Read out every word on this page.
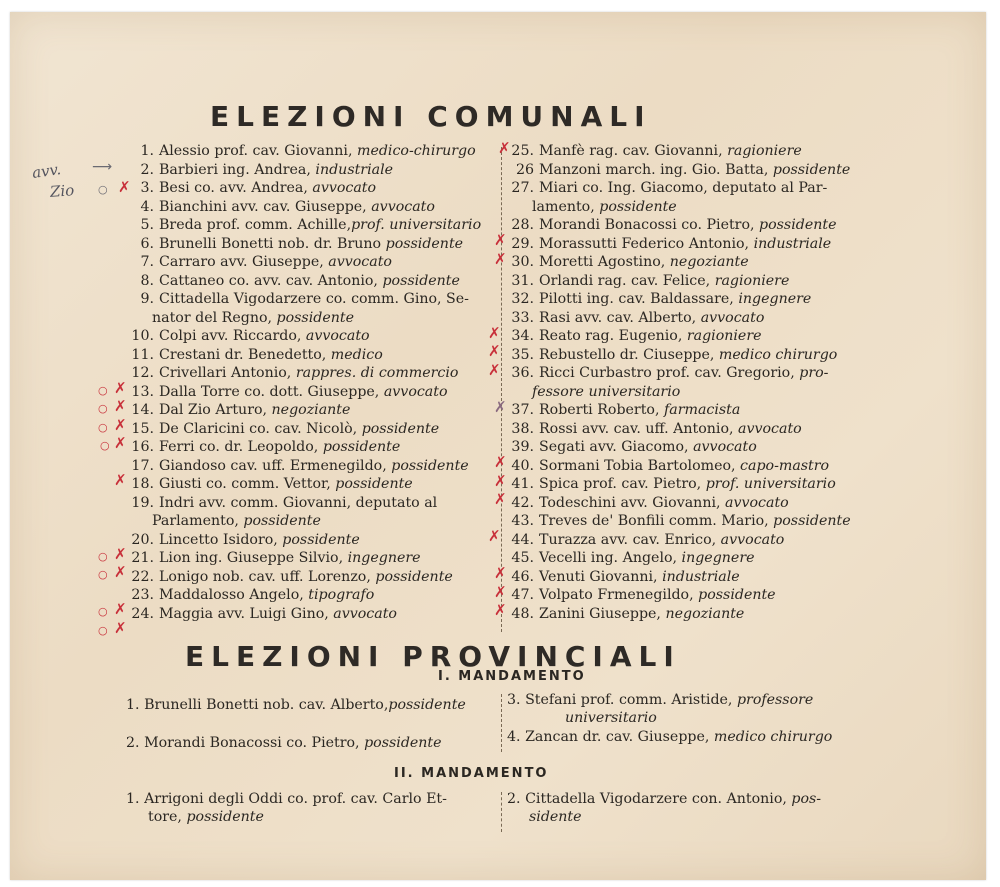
ELEZIONI COMUNALI
1. Alessio prof. cav. Giovanni, medico-chirurgo
2. Barbieri ing. Andrea, industriale
3. Besi co. avv. Andrea, avvocato
4. Bianchini avv. cav. Giuseppe, avvocato
5. Breda prof. comm. Achille,prof. universitario
6. Brunelli Bonetti nob. dr. Bruno possidente
7. Carraro avv. Giuseppe, avvocato
8. Cattaneo co. avv. cav. Antonio, possidente
9. Cittadella Vigodarzere co. comm. Gino, Se-
nator del Regno, possidente
10. Colpi avv. Riccardo, avvocato
11. Crestani dr. Benedetto, medico
12. Crivellari Antonio, rappres. di commercio
13. Dalla Torre co. dott. Giuseppe, avvocato
14. Dal Zio Arturo, negoziante
15. De Claricini co. cav. Nicolò, possidente
16. Ferri co. dr. Leopoldo, possidente
17. Giandoso cav. uff. Ermenegildo, possidente
18. Giusti co. comm. Vettor, possidente
19. Indri avv. comm. Giovanni, deputato al
Parlamento, possidente
20. Lincetto Isidoro, possidente
21. Lion ing. Giuseppe Silvio, ingegnere
22. Lonigo nob. cav. uff. Lorenzo, possidente
23. Maddalosso Angelo, tipografo
24. Maggia avv. Luigi Gino, avvocato
25. Manfè rag. cav. Giovanni, ragioniere
26 Manzoni march. ing. Gio. Batta, possidente
27. Miari co. Ing. Giacomo, deputato al Par-
lamento, possidente
28. Morandi Bonacossi co. Pietro, possidente
29. Morassutti Federico Antonio, industriale
30. Moretti Agostino, negoziante
31. Orlandi rag. cav. Felice, ragioniere
32. Pilotti ing. cav. Baldassare, ingegnere
33. Rasi avv. cav. Alberto, avvocato
34. Reato rag. Eugenio, ragioniere
35. Rebustello dr. Ciuseppe, medico chirurgo
36. Ricci Curbastro prof. cav. Gregorio, pro-
fessore universitario
37. Roberti Roberto, farmacista
38. Rossi avv. cav. uff. Antonio, avvocato
39. Segati avv. Giacomo, avvocato
40. Sormani Tobia Bartolomeo, capo-mastro
41. Spica prof. cav. Pietro, prof. universitario
42. Todeschini avv. Giovanni, avvocato
43. Treves de' Bonfili comm. Mario, possidente
44. Turazza avv. cav. Enrico, avvocato
45. Vecelli ing. Angelo, ingegnere
46. Venuti Giovanni, industriale
47. Volpato Frmenegildo, possidente
48. Zanini Giuseppe, negoziante
avv.
Zio
⟶
○ ✗
○ ✗
○ ✗
○ ✗
○ ✗
✗
○ ✗
○ ✗
○ ✗
○ ✗
✗
✗
✗
✗
✗
✗
✗
✗
✗
✗
✗
✗
✗
✗
ELEZIONI PROVINCIALI
I. MANDAMENTO
1. Brunelli Bonetti nob. cav. Alberto,possidente
2. Morandi Bonacossi co. Pietro, possidente
3. Stefani prof. comm. Aristide, professore
universitario
4. Zancan dr. cav. Giuseppe, medico chirurgo
II. MANDAMENTO
1. Arrigoni degli Oddi co. prof. cav. Carlo Et-
tore, possidente
2. Cittadella Vigodarzere con. Antonio, pos-
sidente
